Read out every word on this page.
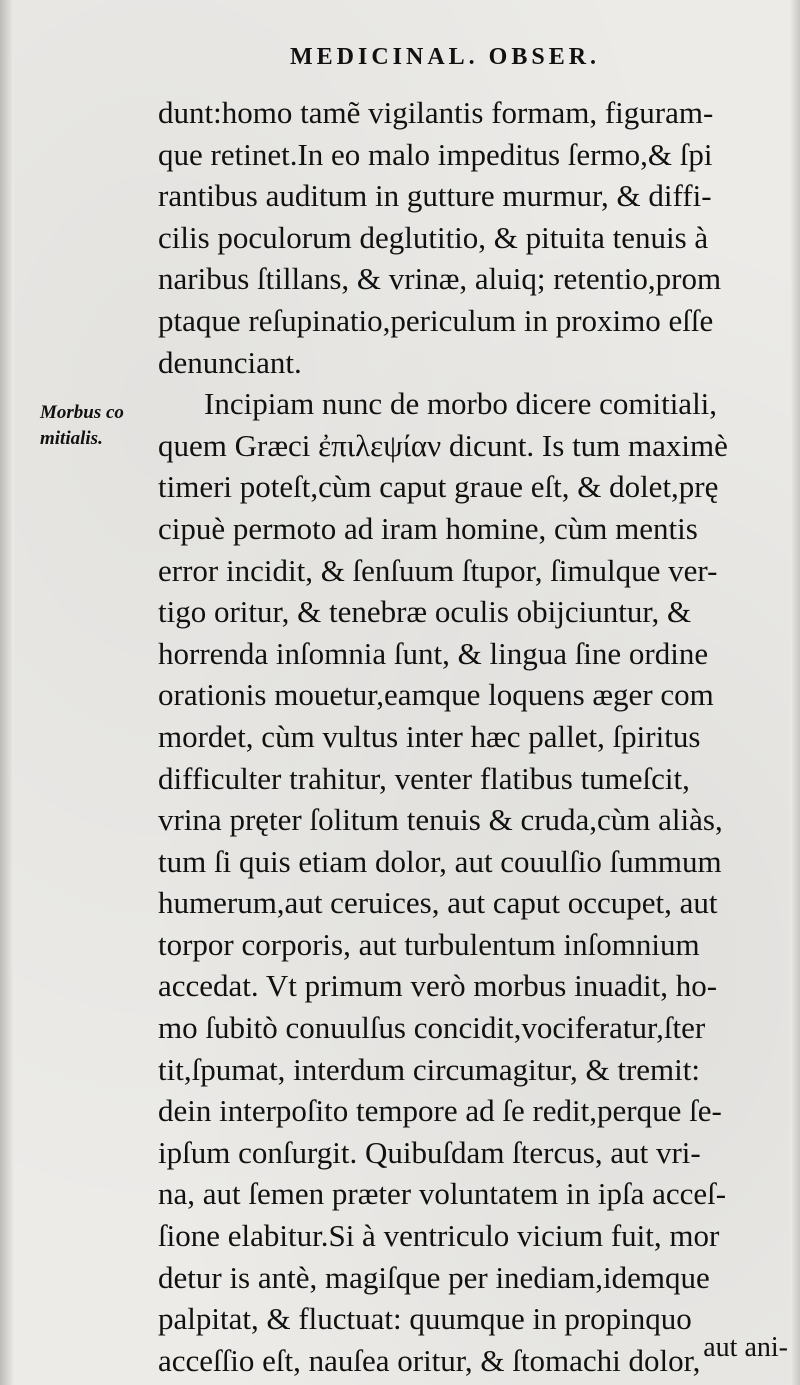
MEDICINAL. OBSER.
Morbus co
mitialis.
dunt:homo tamẽ vigilantis formam, figuram-
que retinet.In eo malo impeditus ſermo,& ſpi
rantibus auditum in gutture murmur, & diffi-
cilis poculorum deglutitio, & pituita tenuis à
naribus ſtillans, & vrinæ, aluiq; retentio,prom
ptaque reſupinatio,periculum in proximo eſſe
denunciant.
Incipiam nunc de morbo dicere comitiali,
quem Græci ἐπιλεψίαν dicunt. Is tum maximè
timeri poteſt,cùm caput graue eſt, & dolet,prę
cipuè permoto ad iram homine, cùm mentis
error incidit, & ſenſuum ſtupor, ſimulque ver-
tigo oritur, & tenebræ oculis obijciuntur, &
horrenda inſomnia ſunt, & lingua ſine ordine
orationis mouetur,eamque loquens æger com
mordet, cùm vultus inter hæc pallet, ſpiritus
difficulter trahitur, venter flatibus tumeſcit,
vrina pręter ſolitum tenuis & cruda,cùm aliàs,
tum ſi quis etiam dolor, aut couulſio ſummum
humerum,aut ceruices, aut caput occupet, aut
torpor corporis, aut turbulentum inſomnium
accedat. Vt primum verò morbus inuadit, ho-
mo ſubitò conuulſus concidit,vociferatur,ſter
tit,ſpumat, interdum circumagitur, & tremit:
dein interpoſito tempore ad ſe redit,perque ſe-
ipſum conſurgit. Quibuſdam ſtercus, aut vri-
na, aut ſemen præter voluntatem in ipſa acceſ-
ſione elabitur.Si à ventriculo vicium fuit, mor
detur is antè, magiſque per inediam,idemque
palpitat, & fluctuat: quumque in propinquo
acceſſio eſt, nauſea oritur, & ſtomachi dolor, aut ani-
